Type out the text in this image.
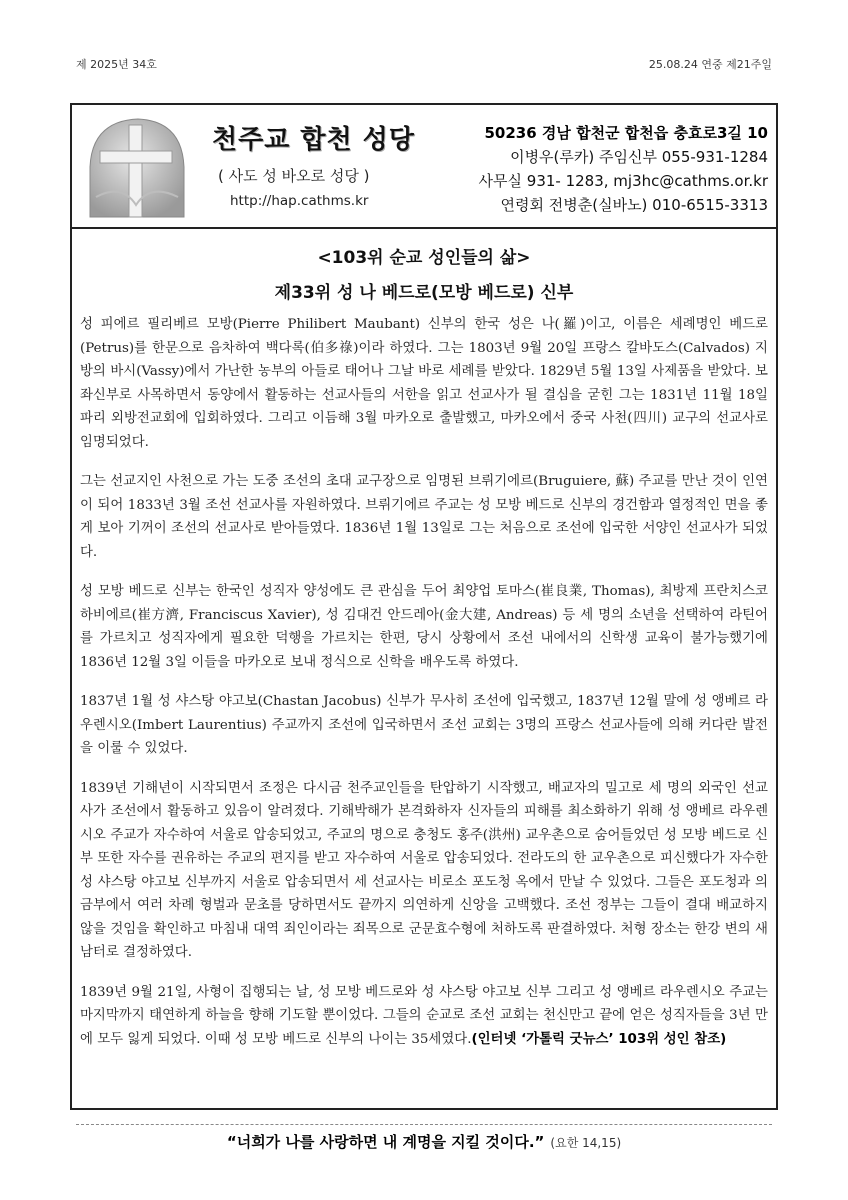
제 2025년 34호	25.08.24 연중 제21주일
천주교 합천 성당
( 사도 성 바오로 성당 )
http://hap.cathms.kr
50236 경남 합천군 합천읍 충효로3길 10
이병우(루카) 주임신부 055-931-1284
사무실 931- 1283, mj3hc@cathms.or.kr
연령회 전병춘(실바노) 010-6515-3313
<103위 순교 성인들의 삶>
제33위 성 나 베드로(모방 베드로) 신부

성 피에르 필리베르 모방(Pierre Philibert Maubant) 신부의 한국 성은 나(羅)이고, 이름은 세례명인 베드로(Petrus)를 한문으로 음차하여 백다록(伯多祿)이라 하였다. 그는 1803년 9월 20일 프랑스 칼바도스(Calvados) 지방의 바시(Vassy)에서 가난한 농부의 아들로 태어나 그날 바로 세례를 받았다. 1829년 5월 13일 사제품을 받았다. 보좌신부로 사목하면서 동양에서 활동하는 선교사들의 서한을 읽고 선교사가 될 결심을 굳힌 그는 1831년 11월 18일 파리 외방전교회에 입회하였다. 그리고 이듬해 3월 마카오로 출발했고, 마카오에서 중국 사천(四川) 교구의 선교사로 임명되었다.

그는 선교지인 사천으로 가는 도중 조선의 초대 교구장으로 임명된 브뤼기에르(Bruguiere, 蘇) 주교를 만난 것이 인연이 되어 1833년 3월 조선 선교사를 자원하였다. 브뤼기에르 주교는 성 모방 베드로 신부의 경건함과 열정적인 면을 좋게 보아 기꺼이 조선의 선교사로 받아들였다. 1836년 1월 13일로 그는 처음으로 조선에 입국한 서양인 선교사가 되었다.

성 모방 베드로 신부는 한국인 성직자 양성에도 큰 관심을 두어 최양업 토마스(崔良業, Thomas), 최방제 프란치스코 하비에르(崔方濟, Franciscus Xavier), 성 김대건 안드레아(金大建, Andreas) 등 세 명의 소년을 선택하여 라틴어를 가르치고 성직자에게 필요한 덕행을 가르치는 한편, 당시 상황에서 조선 내에서의 신학생 교육이 불가능했기에 1836년 12월 3일 이들을 마카오로 보내 정식으로 신학을 배우도록 하였다.

1837년 1월 성 샤스탕 야고보(Chastan Jacobus) 신부가 무사히 조선에 입국했고, 1837년 12월 말에 성 앵베르 라우렌시오(Imbert Laurentius) 주교까지 조선에 입국하면서 조선 교회는 3명의 프랑스 선교사들에 의해 커다란 발전을 이룰 수 있었다.

1839년 기해년이 시작되면서 조정은 다시금 천주교인들을 탄압하기 시작했고, 배교자의 밀고로 세 명의 외국인 선교사가 조선에서 활동하고 있음이 알려졌다. 기해박해가 본격화하자 신자들의 피해를 최소화하기 위해 성 앵베르 라우렌시오 주교가 자수하여 서울로 압송되었고, 주교의 명으로 충청도 홍주(洪州) 교우촌으로 숨어들었던 성 모방 베드로 신부 또한 자수를 권유하는 주교의 편지를 받고 자수하여 서울로 압송되었다. 전라도의 한 교우촌으로 피신했다가 자수한 성 샤스탕 야고보 신부까지 서울로 압송되면서 세 선교사는 비로소 포도청 옥에서 만날 수 있었다. 그들은 포도청과 의금부에서 여러 차례 형벌과 문초를 당하면서도 끝까지 의연하게 신앙을 고백했다. 조선 정부는 그들이 결대 배교하지 않을 것임을 확인하고 마침내 대역 죄인이라는 죄목으로 군문효수형에 처하도록 판결하였다. 처형 장소는 한강 변의 새남터로 결정하였다.

1839년 9월 21일, 사형이 집행되는 날, 성 모방 베드로와 성 샤스탕 야고보 신부 그리고 성 앵베르 라우렌시오 주교는 마지막까지 태연하게 하늘을 향해 기도할 뿐이었다. 그들의 순교로 조선 교회는 천신만고 끝에 얻은 성직자들을 3년 만에 모두 잃게 되었다. 이때 성 모방 베드로 신부의 나이는 35세였다.(인터넷 ‘가톨릭 굿뉴스’ 103위 성인 참조)

“너희가 나를 사랑하면 내 계명을 지킬 것이다.” (요한 14,15)
